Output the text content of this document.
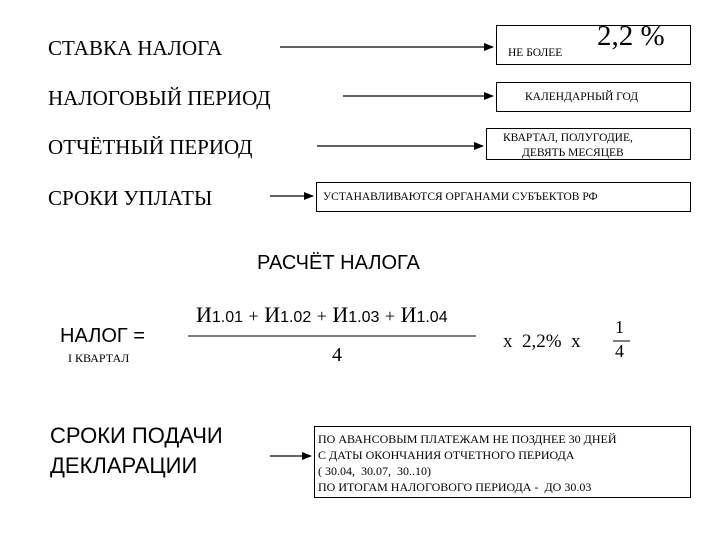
СТАВКА НАЛОГА	НЕ БОЛЕЕ
2,2 %
НАЛОГОВЫЙ ПЕРИОД	КАЛЕНДАРНЫЙ ГОД
ОТЧЁТНЫЙ ПЕРИОД	КВАРТАЛ, ПОЛУГОДИЕ,
ДЕВЯТЬ МЕСЯЦЕВ
СРОКИ УПЛАТЫ	УСТАНАВЛИВАЮТСЯ ОРГАНАМИ СУБЪЕКТОВ РФ
РАСЧЁТ НАЛОГА
НАЛОГ =
I КВАРТАЛ
И1.01 + И1.02 + И1.03 + И1.04
4
x  2,2%  x
1
4
СРОКИ ПОДАЧИ
ДЕКЛАРАЦИИ
ПО АВАНСОВЫМ ПЛАТЕЖАМ НЕ ПОЗДНЕЕ 30 ДНЕЙ
С ДАТЫ ОКОНЧАНИЯ ОТЧЕТНОГО ПЕРИОДА
( 30.04,  30.07,  30..10)
ПО ИТОГАМ НАЛОГОВОГО ПЕРИОДА -  ДО 30.03
